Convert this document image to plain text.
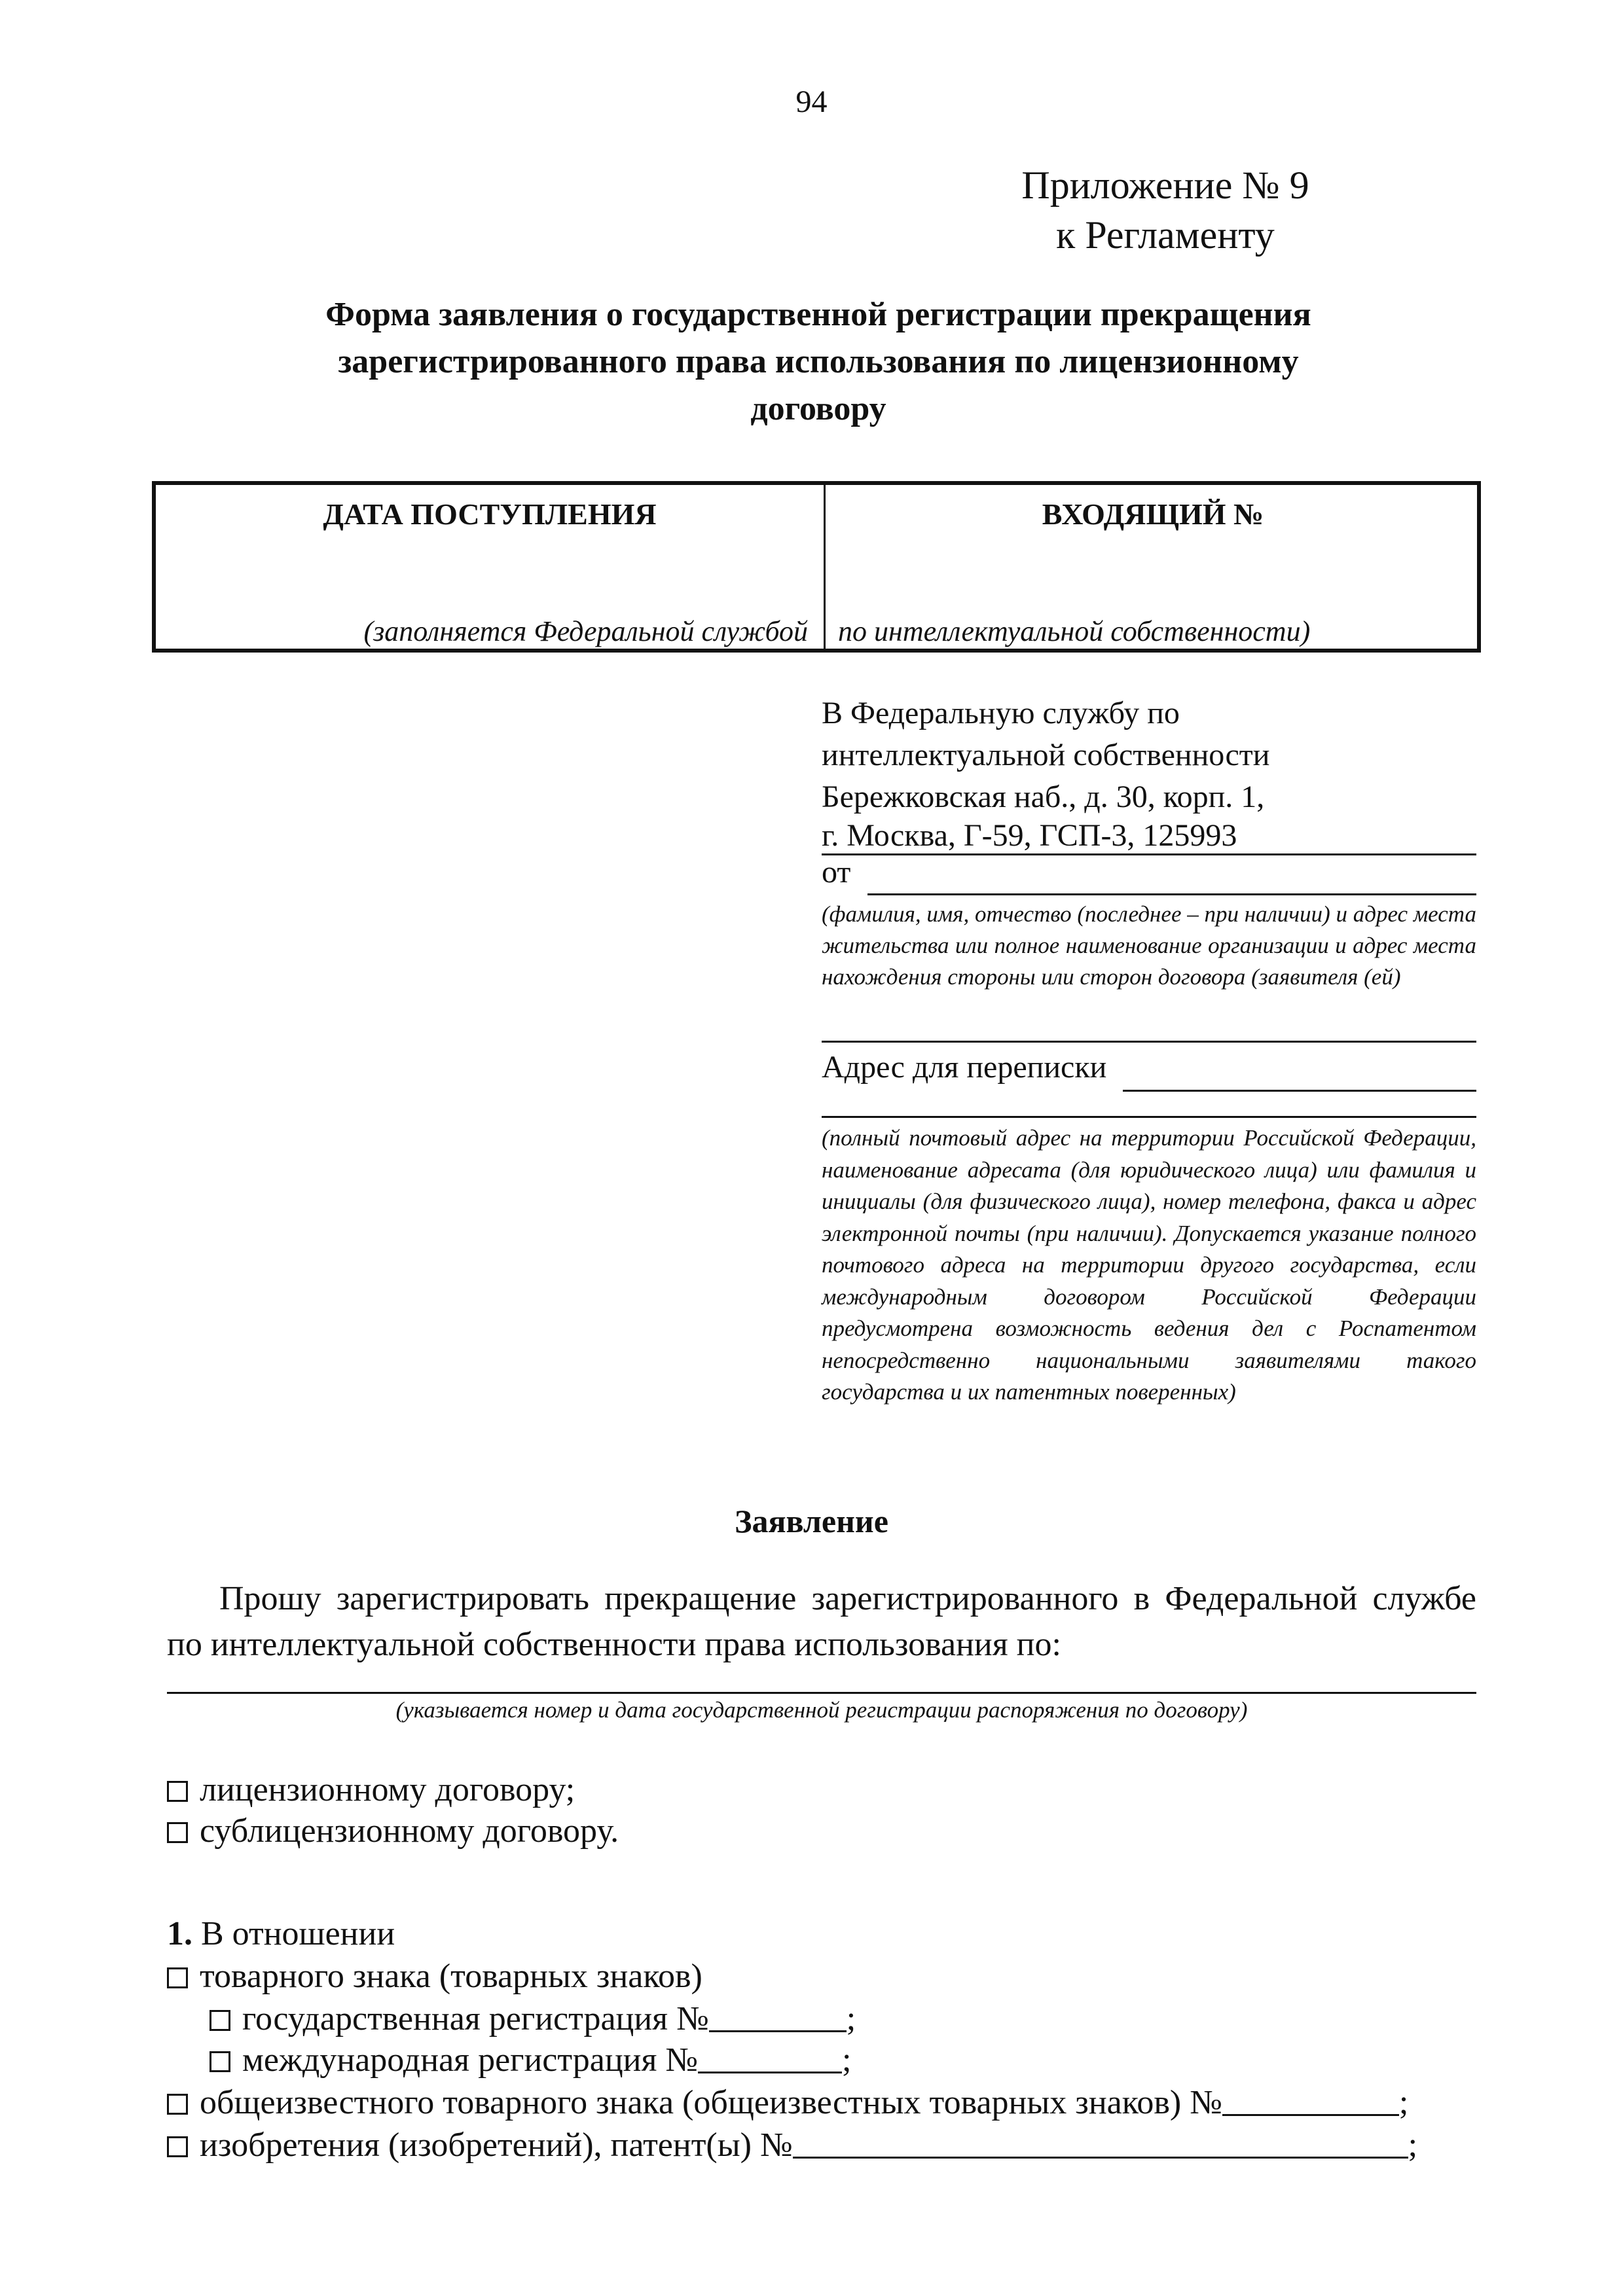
94
Приложение № 9
к Регламенту
Форма заявления о государственной регистрации прекращения
зарегистрированного права использования по лицензионному
договору
ДАТА ПОСТУПЛЕНИЯ	ВХОДЯЩИЙ №
(заполняется Федеральной службой по интеллектуальной собственности)
В Федеральную службу по
интеллектуальной собственности
Бережковская наб., д. 30, корп. 1,
г. Москва, Г-59, ГСП-3, 125993
от
(фамилия, имя, отчество (последнее – при наличии) и адрес места жительства или полное наименование организации и адрес места нахождения стороны или сторон договора (заявителя (ей)
Адрес для переписки
(полный почтовый адрес на территории Российской Федерации, наименование адресата (для юридического лица) или фамилия и инициалы (для физического лица), номер телефона, факса и адрес электронной почты (при наличии). Допускается указание полного почтового адреса на территории другого государства, если международным договором Российской Федерации предусмотрена возможность ведения дел с Роспатентом непосредственно национальными заявителями такого государства и их патентных поверенных)
Заявление
Прошу зарегистрировать прекращение зарегистрированного в Федеральной службе по интеллектуальной собственности права использования по:
(указывается номер и дата государственной регистрации распоряжения по договору)
лицензионному договору;
сублицензионному договору.
1. В отношении
товарного знака (товарных знаков)
государственная регистрация №	;
международная регистрация №	;
общеизвестного товарного знака (общеизвестных товарных знаков) №	;
изобретения (изобретений), патент(ы) №	;
